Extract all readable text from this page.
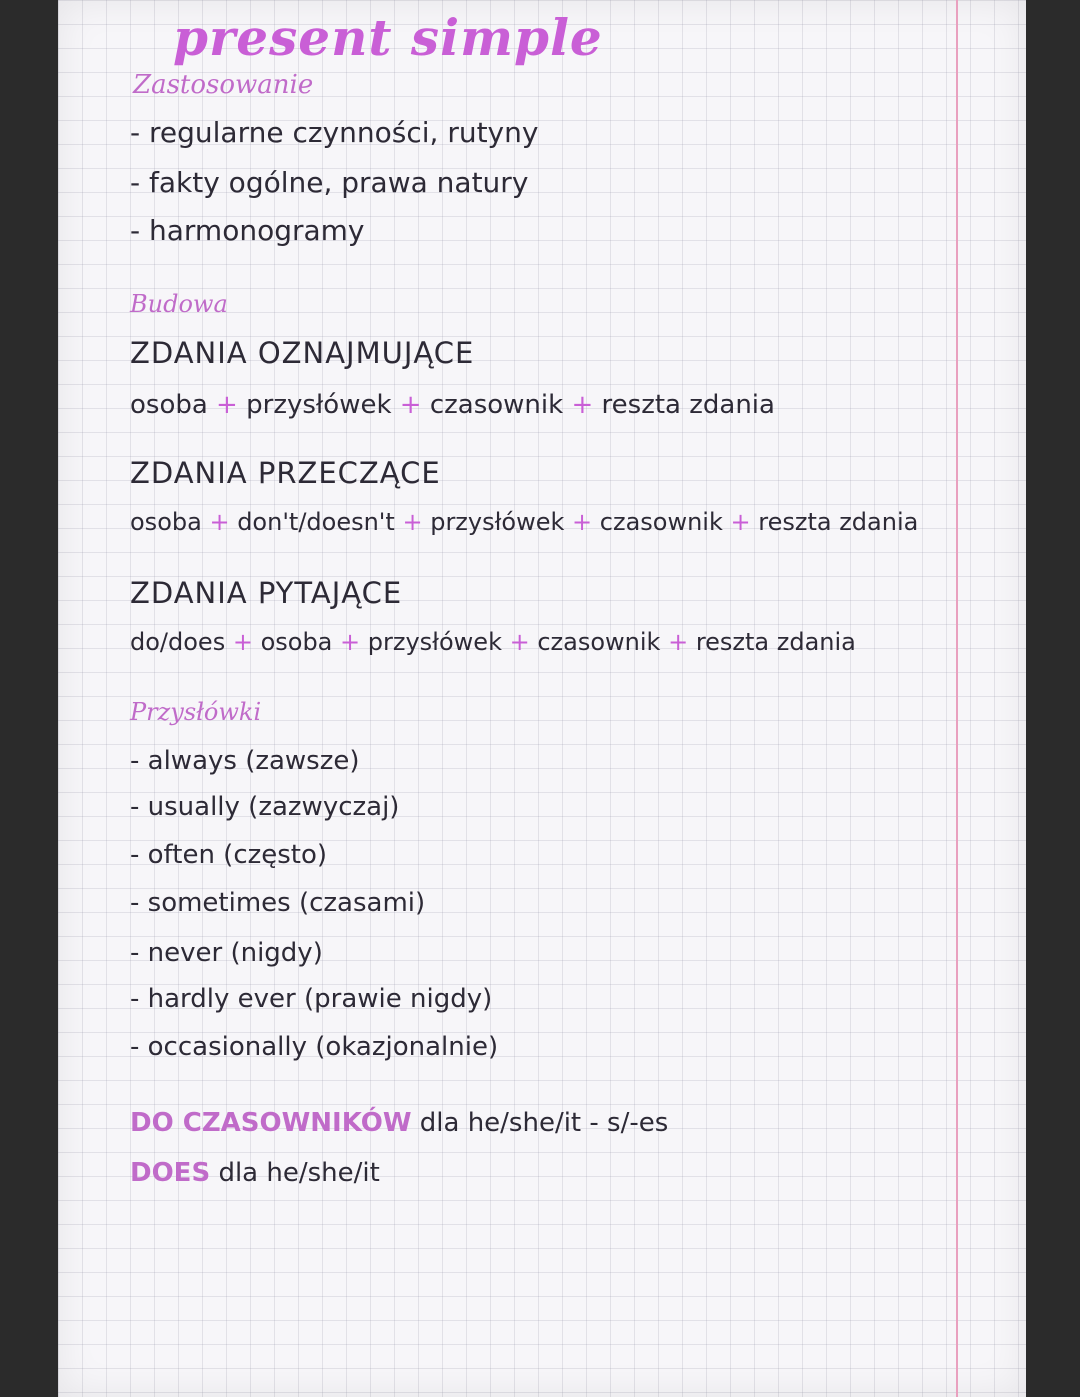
present simple
Zastosowanie
- regularne czynności, rutyny
- fakty ogólne, prawa natury
- harmonogramy
Budowa
ZDANIA OZNAJMUJĄCE
osoba + przysłówek + czasownik + reszta zdania
ZDANIA PRZECZĄCE
osoba + don't/doesn't + przysłówek + czasownik + reszta zdania
ZDANIA PYTAJĄCE
do/does + osoba + przysłówek + czasownik + reszta zdania
Przysłówki
- always (zawsze)
- usually (zazwyczaj)
- often (często)
- sometimes (czasami)
- never (nigdy)
- hardly ever (prawie nigdy)
- occasionally (okazjonalnie)
DO CZASOWNIKÓW dla he/she/it - s/-es
DOES dla he/she/it
